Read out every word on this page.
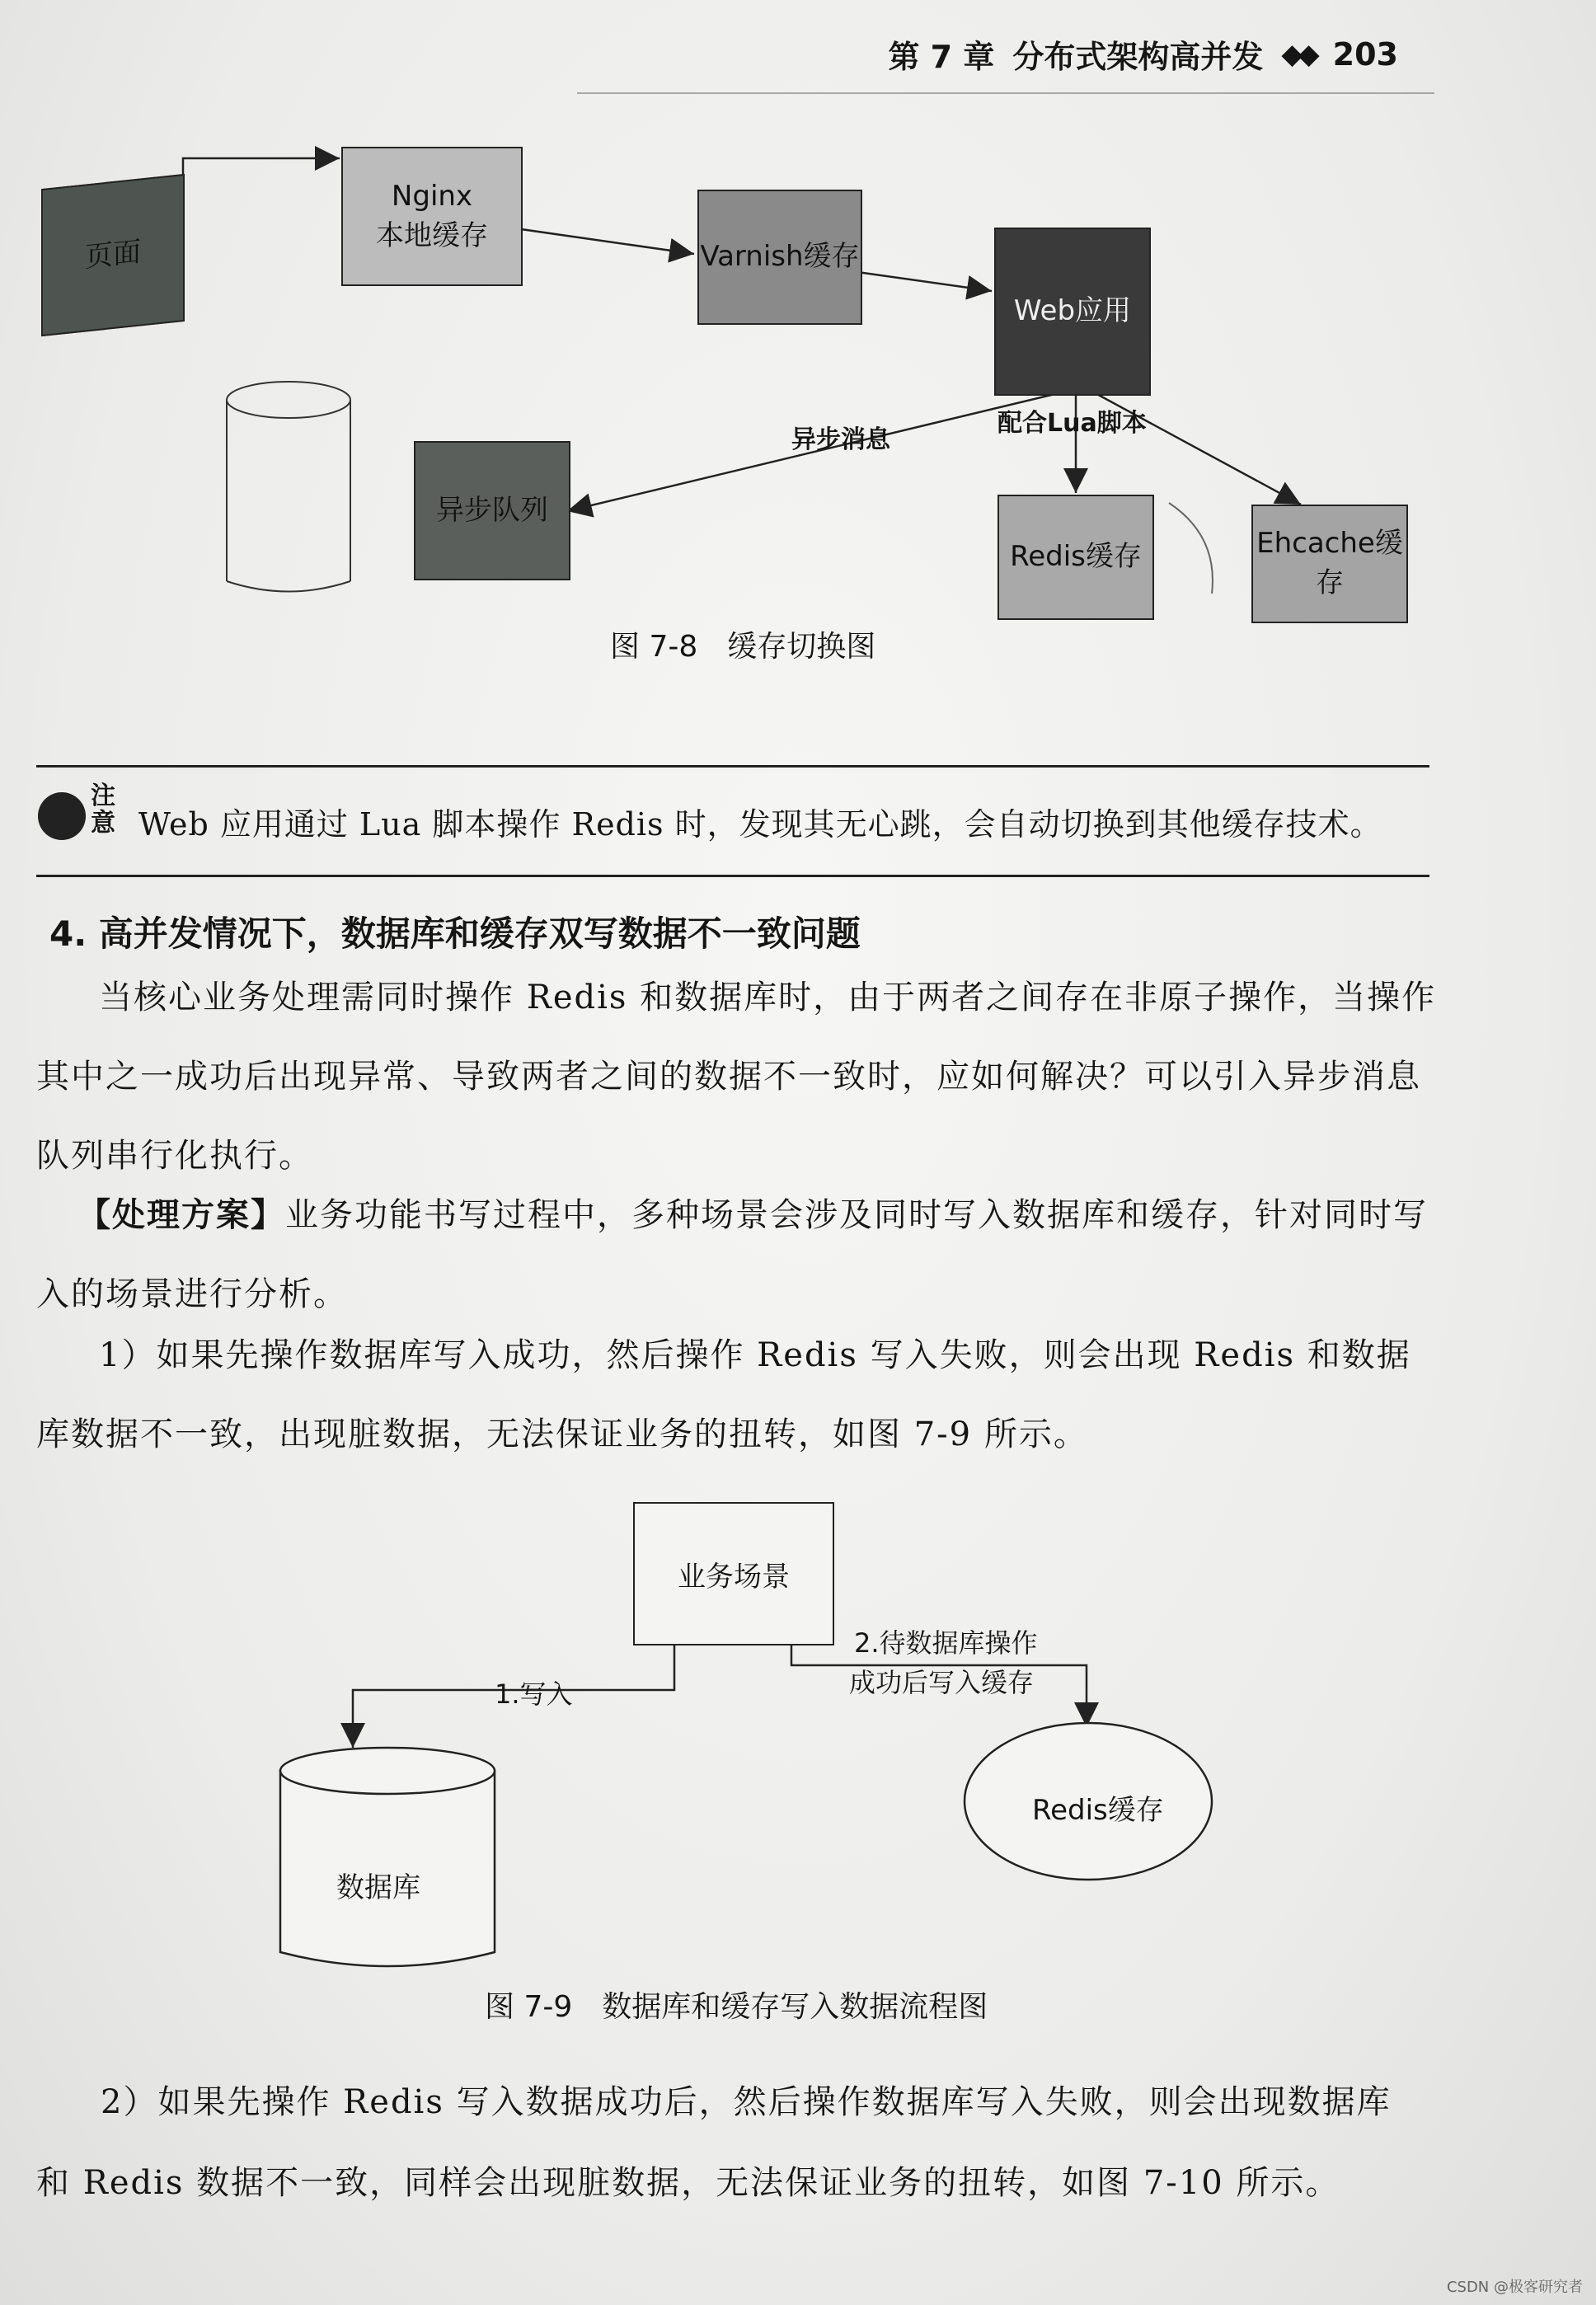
第 7 章 分布式架构高并发 ◆◆ 203
页面
Nginx
本地缓存
Varnish缓存
Web应用
异步队列
Redis缓存	Ehcache缓存
异步消息
配合Lua脚本
图 7-8　缓存切换图
注意 Web 应用通过 Lua 脚本操作 Redis 时，发现其无心跳，会自动切换到其他缓存技术。
4. 高并发情况下，数据库和缓存双写数据不一致问题
当核心业务处理需同时操作 Redis 和数据库时，由于两者之间存在非原子操作，当操作其中之一成功后出现异常、导致两者之间的数据不一致时，应如何解决？可以引入异步消息队列串行化执行。
【处理方案】业务功能书写过程中，多种场景会涉及同时写入数据库和缓存，针对同时写入的场景进行分析。
1）如果先操作数据库写入成功，然后操作 Redis 写入失败，则会出现 Redis 和数据库数据不一致，出现脏数据，无法保证业务的扭转，如图 7-9 所示。
业务场景
数据库
Redis缓存
1.写入
2.待数据库操作
成功后写入缓存
图 7-9　数据库和缓存写入数据流程图
2）如果先操作 Redis 写入数据成功后，然后操作数据库写入失败，则会出现数据库
和 Redis 数据不一致，同样会出现脏数据，无法保证业务的扭转，如图 7-10 所示。
CSDN @极客研究者
